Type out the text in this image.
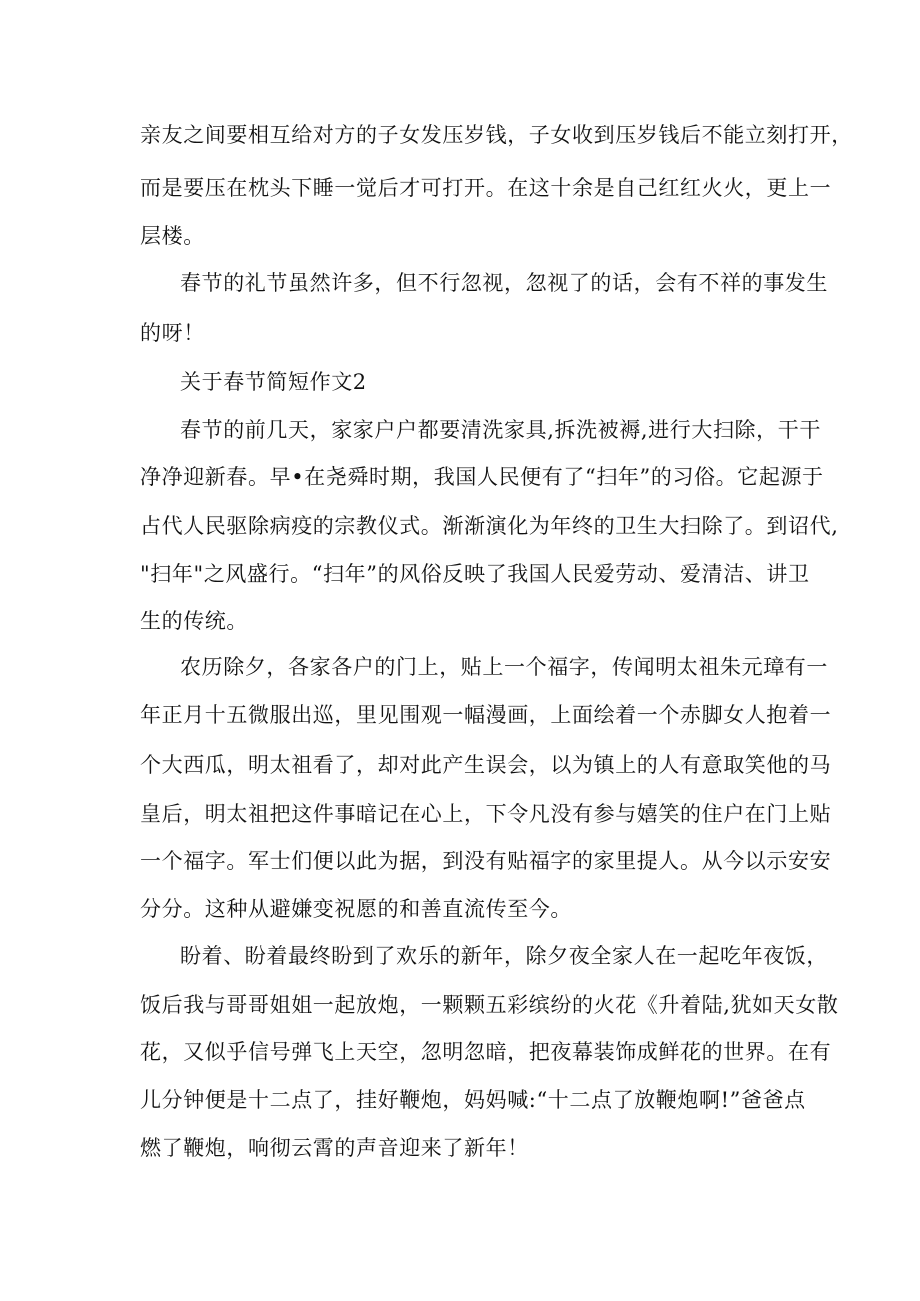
亲友之间要相互给对方的子女发压岁钱，子女收到压岁钱后不能立刻打开，
而是要压在枕头下睡一觉后才可打开。在这十余是自己红红火火，更上一
层楼。
春节的礼节虽然许多，但不行忽视，忽视了的话，会有不祥的事发生
的呀！
关于春节简短作文2
春节的前几天，家家户户都要清洗家具,拆洗被褥,进行大扫除，干干
净净迎新春。早•在尧舜时期，我国人民便有了“扫年”的习俗。它起源于
占代人民驱除病疫的宗教仪式。渐渐演化为年终的卫生大扫除了。到诏代,
"扫年"之风盛行。“扫年”的风俗反映了我国人民爱劳动、爱清洁、讲卫
生的传统。
农历除夕，各家各户的门上，贴上一个福字，传闻明太祖朱元璋有一
年正月十五微服出巡，里见围观一幅漫画，上面绘着一个赤脚女人抱着一
个大西瓜，明太祖看了，却对此产生误会，以为镇上的人有意取笑他的马
皇后，明太祖把这件事暗记在心上，下令凡没有参与嬉笑的住户在门上贴
一个福字。军士们便以此为据，到没有贴福字的家里提人。从今以示安安
分分。这种从避嫌变祝愿的和善直流传至今。
盼着、盼着最终盼到了欢乐的新年，除夕夜全家人在一起吃年夜饭，
饭后我与哥哥姐姐一起放炮，一颗颗五彩缤纷的火花《升着陆,犹如天女散
花，又似乎信号弹飞上天空，忽明忽暗，把夜幕装饰成鲜花的世界。在有
儿分钟便是十二点了，挂好鞭炮，妈妈喊:“十二点了放鞭炮啊!”爸爸点
燃了鞭炮，响彻云霄的声音迎来了新年！
